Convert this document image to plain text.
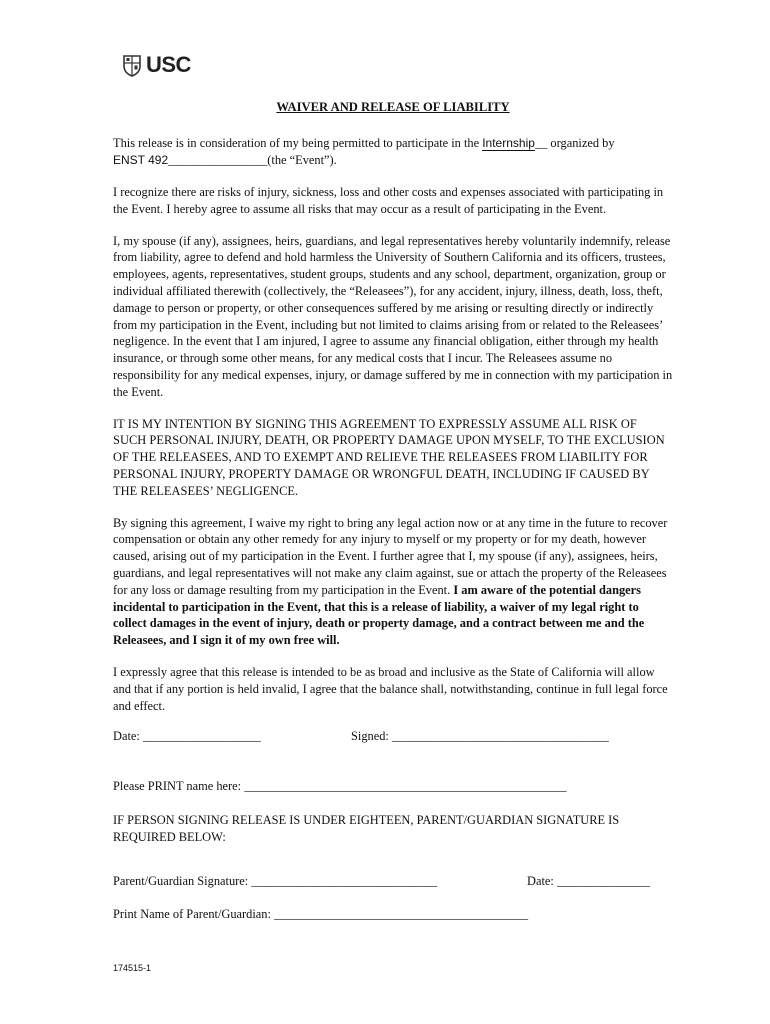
USC
WAIVER AND RELEASE OF LIABILITY

This release is in consideration of my being permitted to participate in the Internship__ organized by
ENST 492________________(the “Event”).

I recognize there are risks of injury, sickness, loss and other costs and expenses associated with participating in the Event. I hereby agree to assume all risks that may occur as a result of participating in the Event.

I, my spouse (if any), assignees, heirs, guardians, and legal representatives hereby voluntarily indemnify, release from liability, agree to defend and hold harmless the University of Southern California and its officers, trustees, employees, agents, representatives, student groups, students and any school, department, organization, group or individual affiliated therewith (collectively, the “Releasees”), for any accident, injury, illness, death, loss, theft, damage to person or property, or other consequences suffered by me arising or resulting directly or indirectly from my participation in the Event, including but not limited to claims arising from or related to the Releasees’ negligence. In the event that I am injured, I agree to assume any financial obligation, either through my health insurance, or through some other means, for any medical costs that I incur. The Releasees assume no responsibility for any medical expenses, injury, or damage suffered by me in connection with my participation in the Event.

IT IS MY INTENTION BY SIGNING THIS AGREEMENT TO EXPRESSLY ASSUME ALL RISK OF SUCH PERSONAL INJURY, DEATH, OR PROPERTY DAMAGE UPON MYSELF, TO THE EXCLUSION OF THE RELEASEES, AND TO EXEMPT AND RELIEVE THE RELEASEES FROM LIABILITY FOR PERSONAL INJURY, PROPERTY DAMAGE OR WRONGFUL DEATH, INCLUDING IF CAUSED BY THE RELEASEES’ NEGLIGENCE.

By signing this agreement, I waive my right to bring any legal action now or at any time in the future to recover compensation or obtain any other remedy for any injury to myself or my property or for my death, however caused, arising out of my participation in the Event. I further agree that I, my spouse (if any), assignees, heirs, guardians, and legal representatives will not make any claim against, sue or attach the property of the Releasees for any loss or damage resulting from my participation in the Event. I am aware of the potential dangers incidental to participation in the Event, that this is a release of liability, a waiver of my legal right to collect damages in the event of injury, death or property damage, and a contract between me and the Releasees, and I sign it of my own free will.

I expressly agree that this release is intended to be as broad and inclusive as the State of California will allow and that if any portion is held invalid, I agree that the balance shall, notwithstanding, continue in full legal force and effect.

Date: ___________________	Signed: ___________________________________
Please PRINT name here: ____________________________________________________

IF PERSON SIGNING RELEASE IS UNDER EIGHTEEN, PARENT/GUARDIAN SIGNATURE IS REQUIRED BELOW:

Parent/Guardian Signature: ______________________________	Date: _______________
Print Name of Parent/Guardian: _________________________________________
174515-1
